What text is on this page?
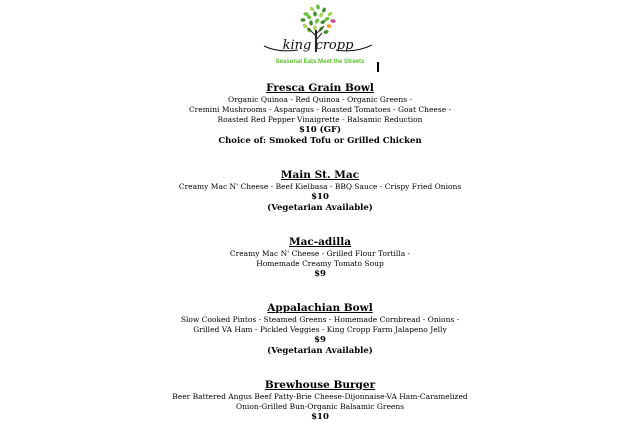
king cropp
Seasonal Eats Meet the Streets
Fresca Grain Bowl
Organic Quinoa - Red Quinoa - Organic Greens -
Cremini Mushrooms - Asparagus - Roasted Tomatoes - Goat Cheese -
Roasted Red Pepper Vinaigrette - Balsamic Reduction
$10 (GF)
Choice of: Smoked Tofu or Grilled Chicken
Main St. Mac
Creamy Mac N' Cheese - Beef Kielbasa - BBQ Sauce - Crispy Fried Onions
$10
(Vegetarian Available)
Mac-adilla
Creamy Mac N' Cheese - Grilled Flour Tortilla -
Homemade Creamy Tomato Soup
$9
Appalachian Bowl
Slow Cooked Pintos - Steamed Greens - Homemade Cornbread - Onions -
Grilled VA Ham - Pickled Veggies - King Cropp Farm Jalapeno Jelly
$9
(Vegetarian Available)
Brewhouse Burger
Beer Battered Angus Beef Patty-Brie Cheese-Dijonnaise-VA Ham-Caramelized
Onion-Grilled Bun-Organic Balsamic Greens
$10
